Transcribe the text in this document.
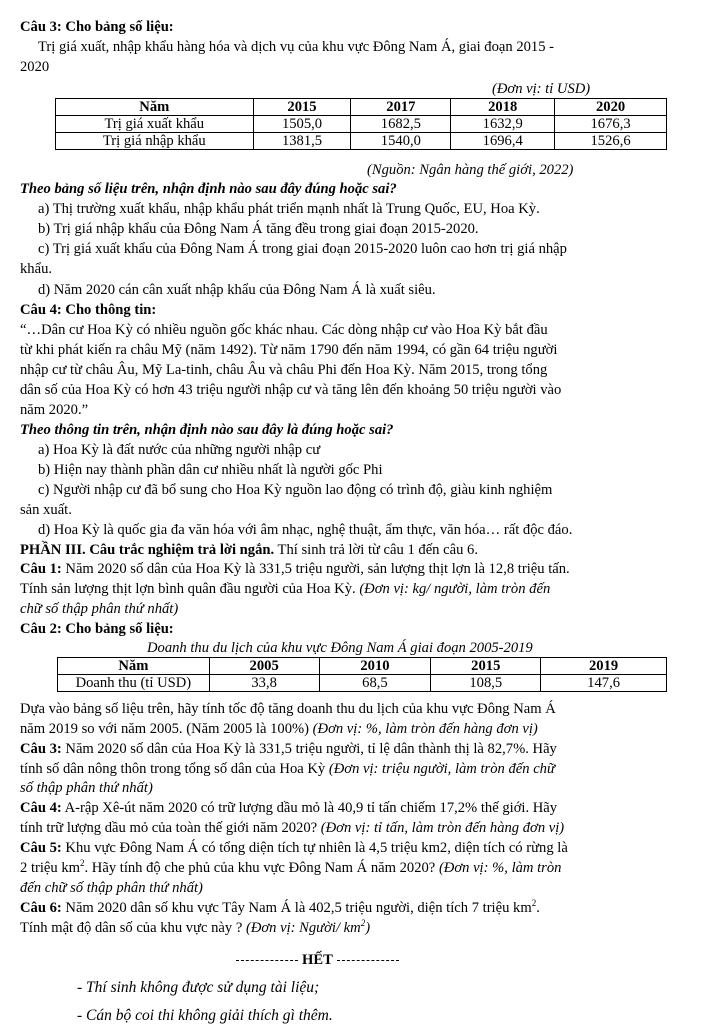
Câu 3: Cho bảng số liệu:
Trị giá xuất, nhập khẩu hàng hóa và dịch vụ của khu vực Đông Nam Á, giai đoạn 2015 -
2020
(Đơn vị: tỉ USD)
Năm	2015	2017	2018	2020
Trị giá xuất khẩu	1505,0	1682,5	1632,9	1676,3
Trị giá nhập khẩu	1381,5	1540,0	1696,4	1526,6
(Nguồn: Ngân hàng thế giới, 2022)
Theo bảng số liệu trên, nhận định nào sau đây đúng hoặc sai?
a) Thị trường xuất khẩu, nhập khẩu phát triển mạnh nhất là Trung Quốc, EU, Hoa Kỳ.
b) Trị giá nhập khẩu của Đông Nam Á tăng đều trong giai đoạn 2015-2020.
c) Trị giá xuất khẩu của Đông Nam Á trong giai đoạn 2015-2020 luôn cao hơn trị giá nhập
khẩu.
d) Năm 2020 cán cân xuất nhập khẩu của Đông Nam Á là xuất siêu.
Câu 4: Cho thông tin:
“…Dân cư Hoa Kỳ có nhiều nguồn gốc khác nhau. Các dòng nhập cư vào Hoa Kỳ bắt đầu
từ khi phát kiến ra châu Mỹ (năm 1492). Từ năm 1790 đến năm 1994, có gần 64 triệu người
nhập cư từ châu Âu, Mỹ La-tinh, châu Âu và châu Phi đến Hoa Kỳ. Năm 2015, trong tổng
dân số của Hoa Kỳ có hơn 43 triệu người nhập cư và tăng lên đến khoảng 50 triệu người vào
năm 2020.”
Theo thông tin trên, nhận định nào sau đây là đúng hoặc sai?
a) Hoa Kỳ là đất nước của những người nhập cư
b) Hiện nay thành phần dân cư nhiều nhất là người gốc Phi
c) Người nhập cư đã bổ sung cho Hoa Kỳ nguồn lao động có trình độ, giàu kinh nghiệm
sản xuất.
d) Hoa Kỳ là quốc gia đa văn hóa với âm nhạc, nghệ thuật, ẩm thực, văn hóa… rất độc đáo.
PHẦN III. Câu trắc nghiệm trả lời ngắn. Thí sinh trả lời từ câu 1 đến câu 6.
Câu 1: Năm 2020 số dân của Hoa Kỳ là 331,5 triệu người, sản lượng thịt lợn là 12,8 triệu tấn.
Tính sản lượng thịt lợn bình quân đầu người của Hoa Kỳ. (Đơn vị: kg/ người, làm tròn đến
chữ số thập phân thứ nhất)
Câu 2: Cho bảng số liệu:
Doanh thu du lịch của khu vực Đông Nam Á giai đoạn 2005-2019
Năm	2005	2010	2015	2019
Doanh thu (tỉ USD)	33,8	68,5	108,5	147,6
Dựa vào bảng số liệu trên, hãy tính tốc độ tăng doanh thu du lịch của khu vực Đông Nam Á
năm 2019 so với năm 2005. (Năm 2005 là 100%) (Đơn vị: %, làm tròn đến hàng đơn vị)
Câu 3: Năm 2020 số dân của Hoa Kỳ là 331,5 triệu người, tỉ lệ dân thành thị là 82,7%. Hãy
tính số dân nông thôn trong tổng số dân của Hoa Kỳ (Đơn vị: triệu người, làm tròn đến chữ
số thập phân thứ nhất)
Câu 4: A-rập Xê-út năm 2020 có trữ lượng dầu mỏ là 40,9 tỉ tấn chiếm 17,2% thế giới. Hãy
tính trữ lượng dầu mỏ của toàn thế giới năm 2020? (Đơn vị: tỉ tấn, làm tròn đến hàng đơn vị)
Câu 5: Khu vực Đông Nam Á có tổng diện tích tự nhiên là 4,5 triệu km2, diện tích có rừng là
2 triệu $km^2$. Hãy tính độ che phủ của khu vực Đông Nam Á năm 2020? (Đơn vị: %, làm tròn
đến chữ số thập phân thứ nhất)
Câu 6: Năm 2020 dân số khu vực Tây Nam Á là 402,5 triệu người, diện tích 7 triệu $km^2$.
Tính mật độ dân số của khu vực này ? (Đơn vị: Người/ $km^2$)
HẾT
- Thí sinh không được sử dụng tài liệu;
- Cán bộ coi thi không giải thích gì thêm.
